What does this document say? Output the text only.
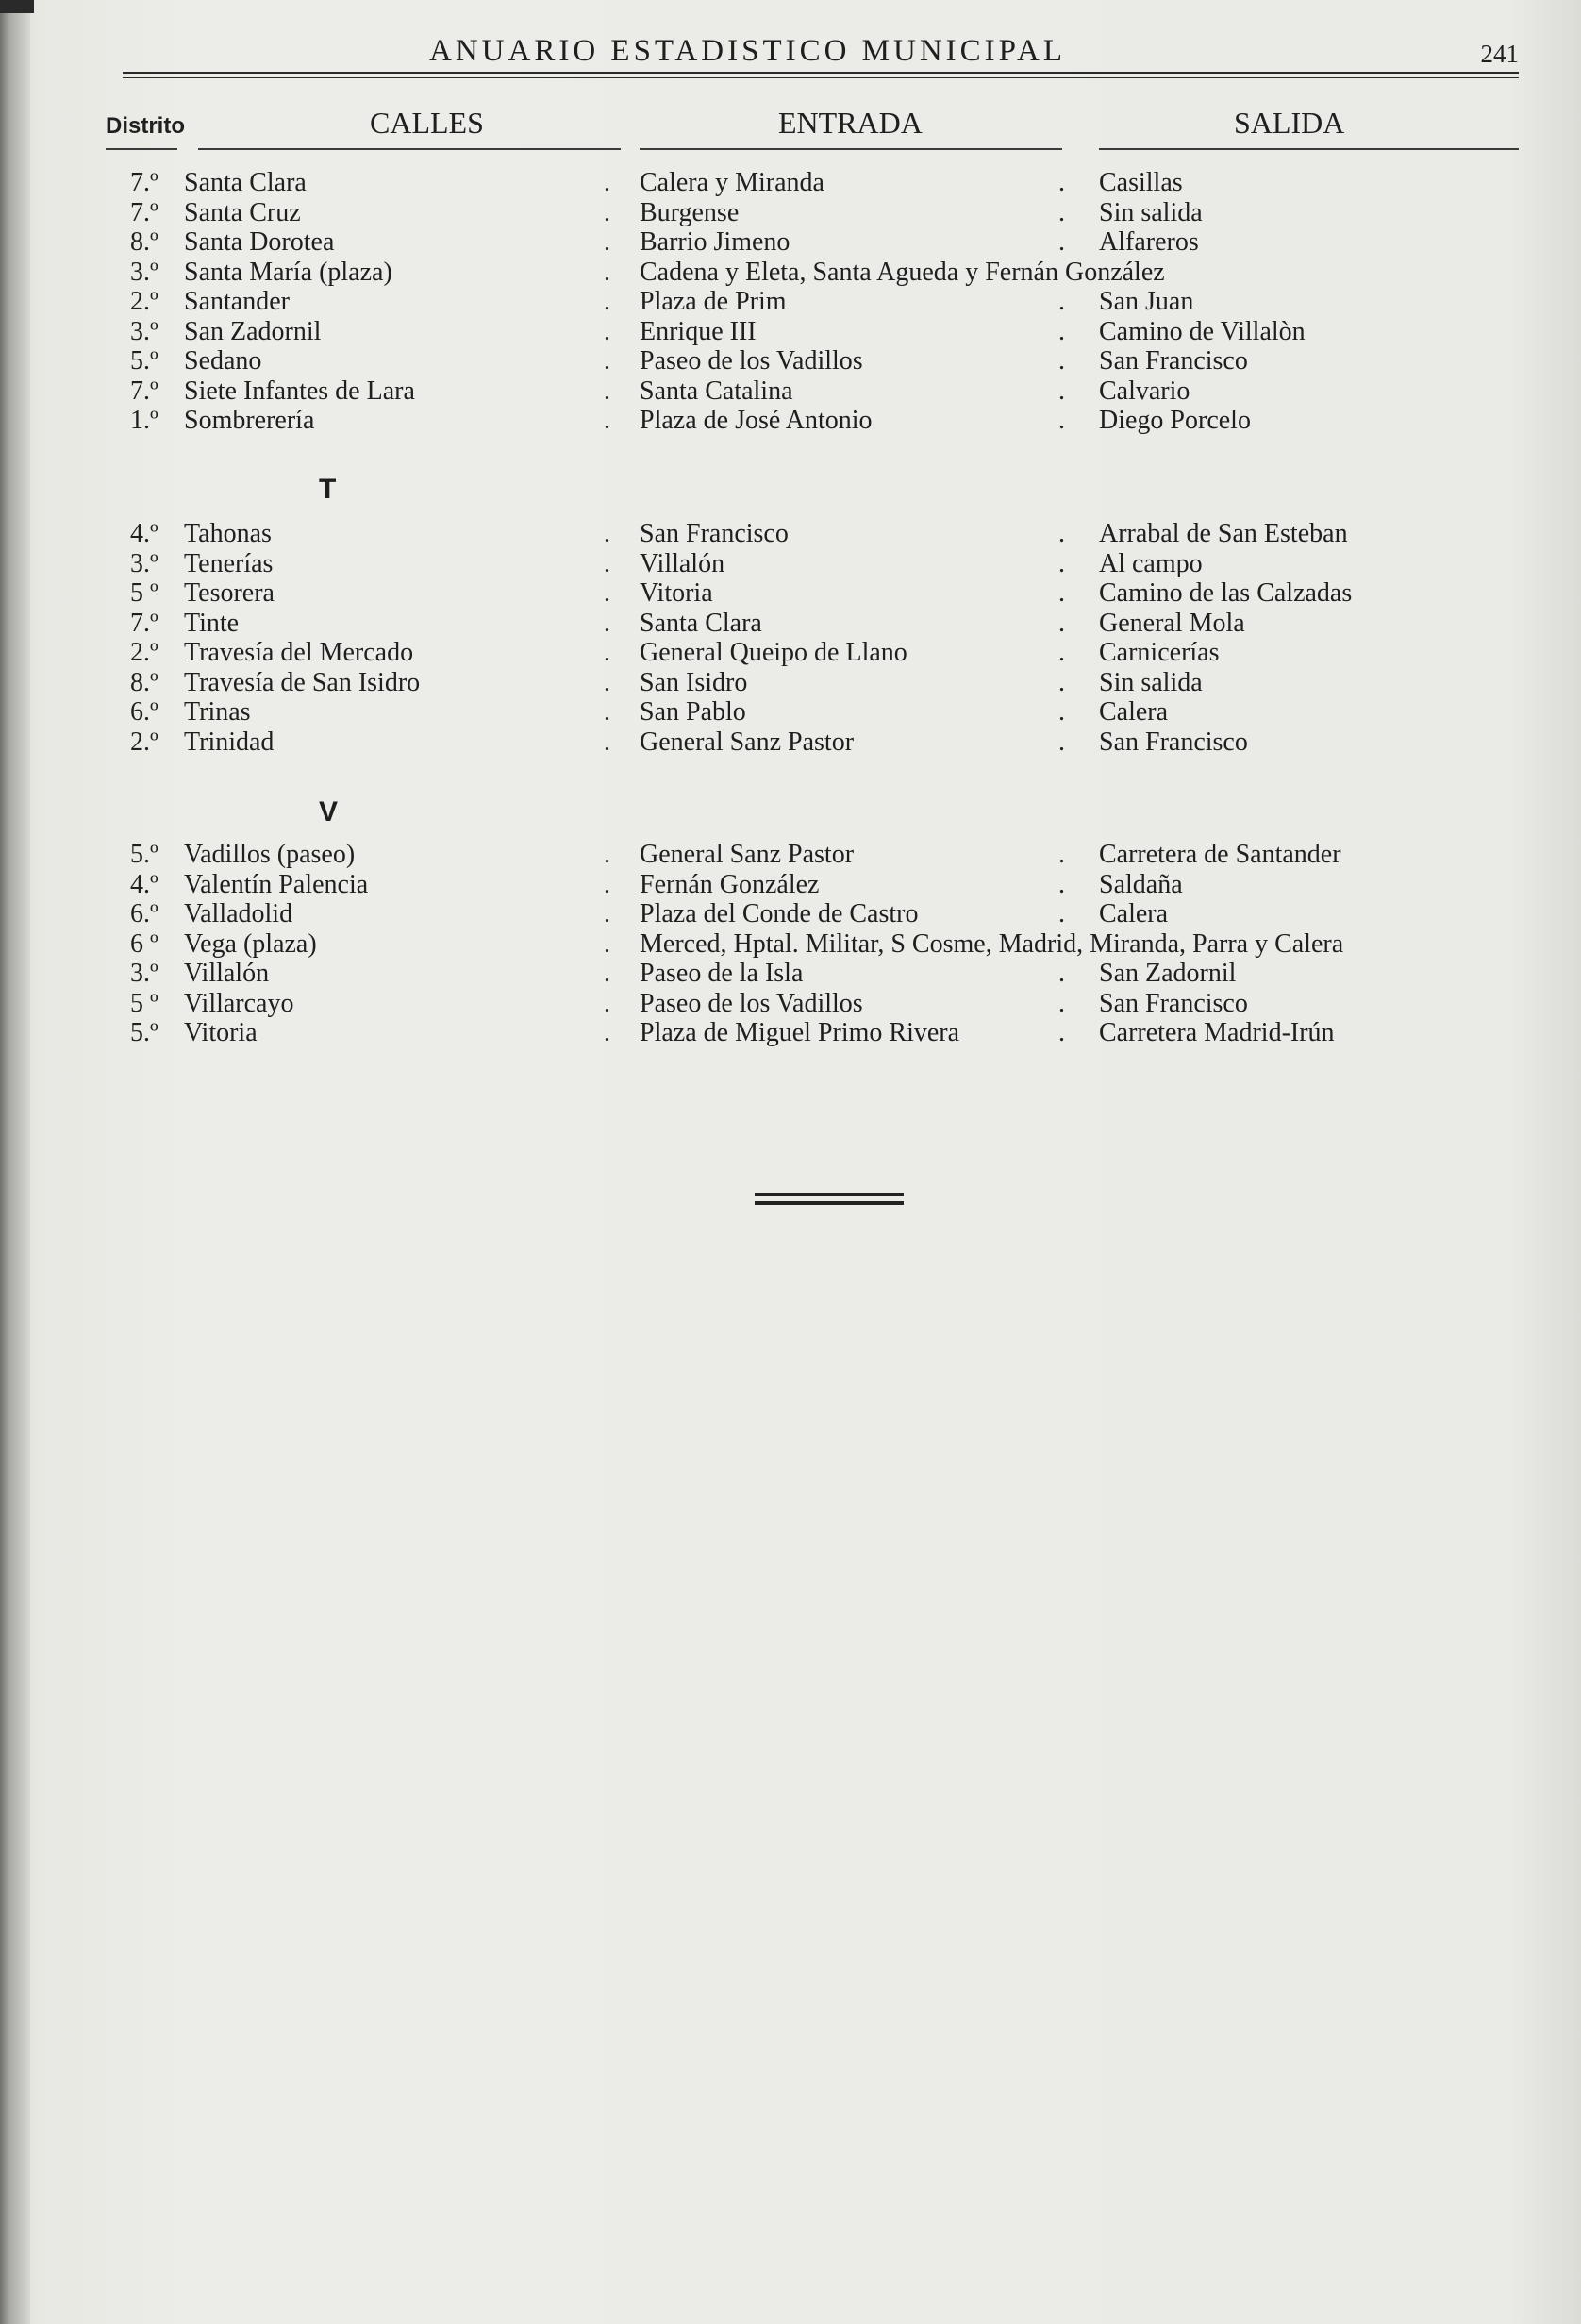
ANUARIO ESTADISTICO MUNICIPAL	241
Distrito	CALLES	ENTRADA	SALIDA
7.º Santa Clara	Calera y Miranda	Casillas
.	.
7.º Santa Cruz	Burgense	Sin salida
.	.
8.º Santa Dorotea	Barrio Jimeno	Alfareros
.	.
3.º Santa María (plaza)	Cadena y Eleta, Santa Agueda y Fernán González
.
2.º Santander	Plaza de Prim	San Juan
.	.
3.º San Zadornil	Enrique III	Camino de Villalòn
.	.
5.º Sedano	Paseo de los Vadillos	San Francisco
.	.
7.º Siete Infantes de Lara	Santa Catalina	Calvario
.	.
1.º Sombrerería	Plaza de José Antonio	Diego Porcelo
.	.
T
4.º Tahonas	San Francisco	Arrabal de San Esteban
.	.
3.º Tenerías	Villalón	Al campo
.	.
5 º Tesorera	Vitoria	Camino de las Calzadas
.	.
7.º Tinte	Santa Clara	General Mola
.	.
2.º Travesía del Mercado	General Queipo de Llano	Carnicerías
.	.
8.º Travesía de San Isidro	San Isidro	Sin salida
.	.
6.º Trinas	San Pablo	Calera
.	.
2.º Trinidad	General Sanz Pastor	San Francisco
.	.
V
5.º Vadillos (paseo)	General Sanz Pastor	Carretera de Santander
.	.
4.º Valentín Palencia	Fernán González	Saldaña
.	.
6.º Valladolid	Plaza del Conde de Castro	Calera
.	.
6 º Vega (plaza)	Merced, Hptal. Militar, S Cosme, Madrid, Miranda, Parra y Calera
.
3.º Villalón	Paseo de la Isla	San Zadornil
.	.
5 º Villarcayo	Paseo de los Vadillos	San Francisco
.	.
5.º Vitoria	Plaza de Miguel Primo Rivera	Carretera Madrid-Irún
.	.
